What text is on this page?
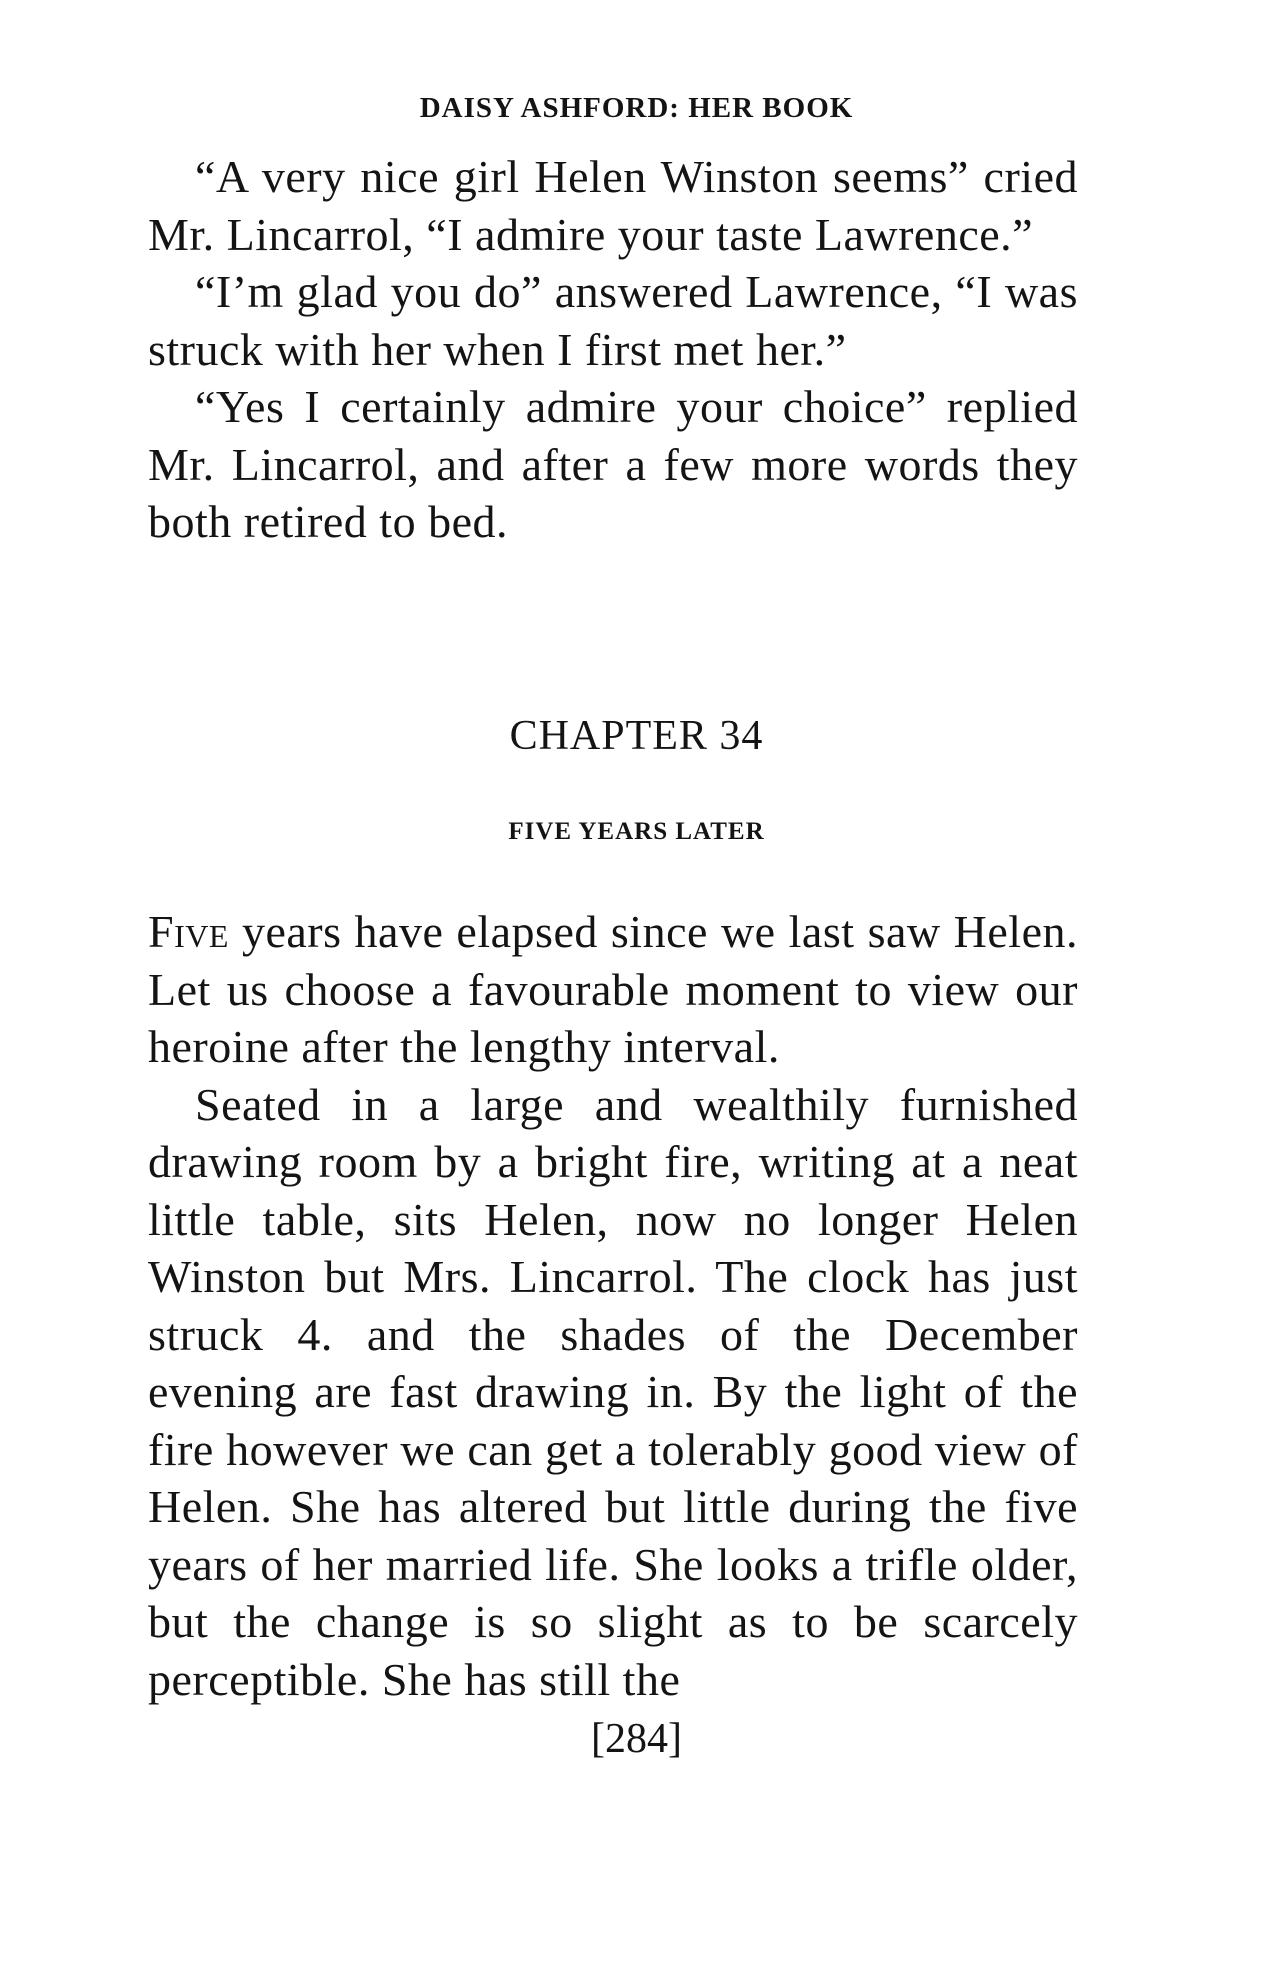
DAISY ASHFORD: HER BOOK

“A very nice girl Helen Winston seems” cried Mr. Lincarrol, “I admire your taste Lawrence.”

“I’m glad you do” answered Lawrence, “I was struck with her when I first met her.”

“Yes I certainly admire your choice” replied Mr. Lincarrol, and after a few more words they both retired to bed.

CHAPTER 34
FIVE YEARS LATER

Five years have elapsed since we last saw Helen. Let us choose a favourable moment to view our heroine after the lengthy interval.

Seated in a large and wealthily furnished drawing room by a bright fire, writing at a neat little table, sits Helen, now no longer Helen Winston but Mrs. Lincarrol. The clock has just struck 4. and the shades of the December evening are fast drawing in. By the light of the fire however we can get a tolerably good view of Helen. She has altered but little during the five years of her married life. She looks a trifle older, but the change is so slight as to be scarcely perceptible. She has still the

[284]
